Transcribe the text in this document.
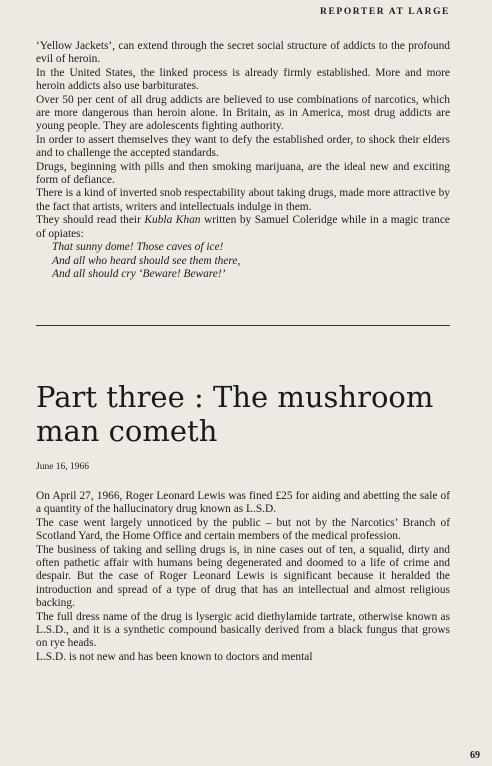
REPORTER AT LARGE

‘Yellow Jackets’, can extend through the secret social structure of addicts to the profound evil of heroin.

In the United States, the linked process is already firmly established. More and more heroin addicts also use barbiturates.

Over 50 per cent of all drug addicts are believed to use combinations of narcotics, which are more dangerous than heroin alone. In Britain, as in America, most drug addicts are young people. They are adolescents fighting authority.

In order to assert themselves they want to defy the established order, to shock their elders and to challenge the accepted standards.

Drugs, beginning with pills and then smoking marijuana, are the ideal new and exciting form of defiance.

There is a kind of inverted snob respectability about taking drugs, made more attractive by the fact that artists, writers and intellectuals indulge in them.

They should read their Kubla Khan written by Samuel Coleridge while in a magic trance of opiates:

That sunny dome! Those caves of ice!
And all who heard should see them there,
And all should cry ‘Beware! Beware!’
Part three : The mushroom man cometh
June 16, 1966

On April 27, 1966, Roger Leonard Lewis was fined £25 for aiding and abetting the sale of a quantity of the hallucinatory drug known as L.S.D.

The case went largely unnoticed by the public – but not by the Narcotics’ Branch of Scotland Yard, the Home Office and certain members of the medical profession.

The business of taking and selling drugs is, in nine cases out of ten, a squalid, dirty and often pathetic affair with humans being degenerated and doomed to a life of crime and despair. But the case of Roger Leonard Lewis is significant because it heralded the introduction and spread of a type of drug that has an intellectual and almost religious backing.

The full dress name of the drug is lysergic acid diethylamide tartrate, otherwise known as L.S.D., and it is a synthetic compound basically derived from a black fungus that grows on rye heads.

L.S.D. is not new and has been known to doctors and mental

69
